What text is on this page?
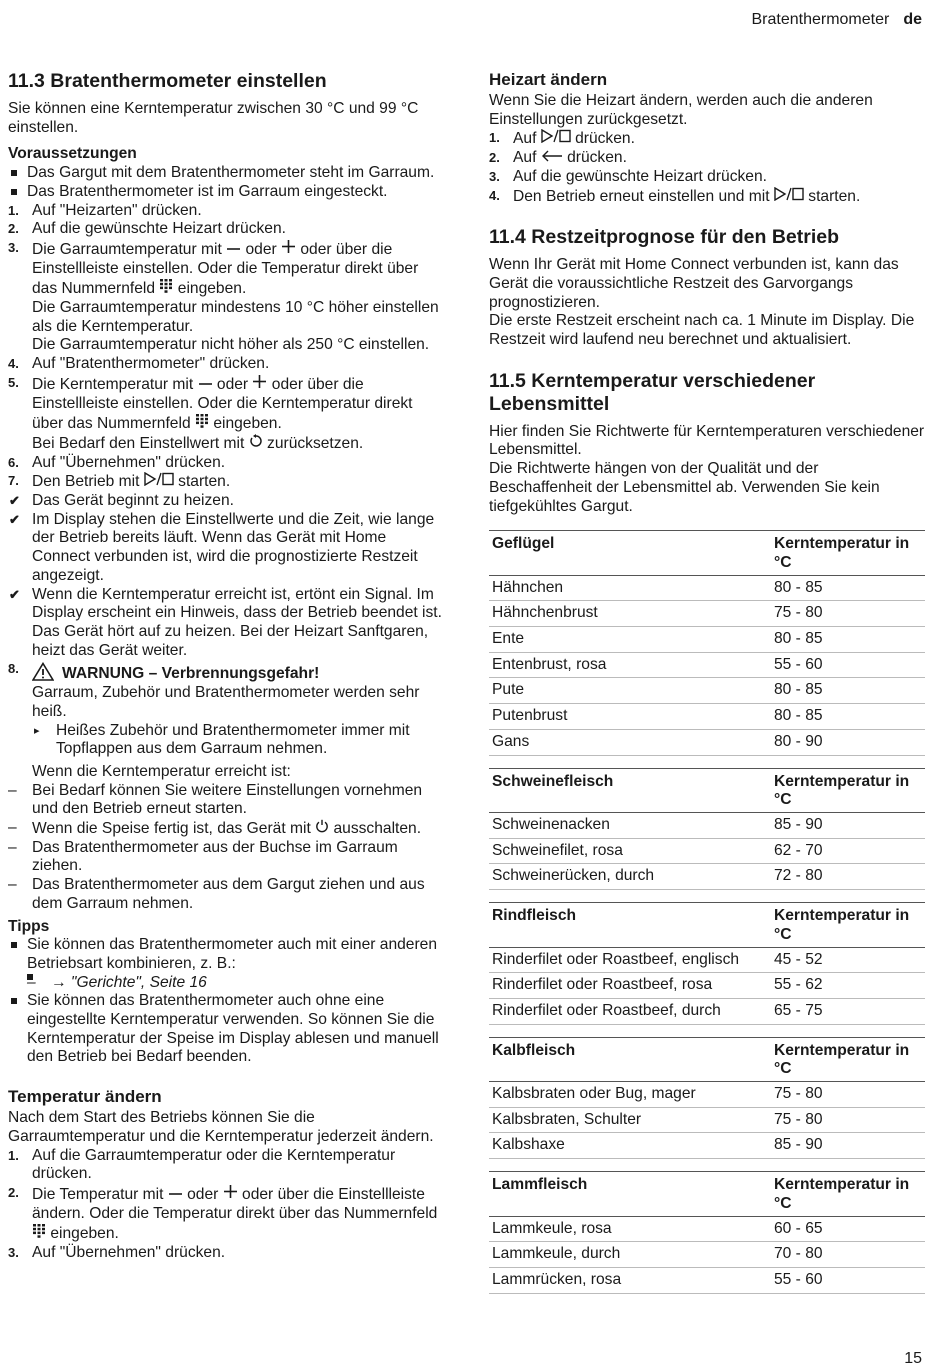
Bratenthermometer de
11.3 Bratenthermometer einstellen

Sie können eine Kerntemperatur zwischen 30 °C und 99 °C einstellen.

Voraussetzungen
Das Gargut mit dem Bratenthermometer steht im Garraum.
Das Bratenthermometer ist im Garraum eingesteckt.
1. Auf "Heizarten" drücken.
2. Auf die gewünschte Heizart drücken.
3. Die Garraumtemperatur mit oder oder über die Einstellleiste einstellen. Oder die Temperatur direkt über das Nummernfeld eingeben.
Die Garraumtemperatur mindestens 10 °C höher einstellen als die Kerntemperatur.
Die Garraumtemperatur nicht höher als 250 °C einstellen.
4. Auf "Bratenthermometer" drücken.
5. Die Kerntemperatur mit oder oder über die Einstellleiste einstellen. Oder die Kerntemperatur direkt über das Nummernfeld eingeben.
Bei Bedarf den Einstellwert mit zurücksetzen.
6. Auf "Übernehmen" drücken.
7. Den Betrieb mit starten.
✔ Das Gerät beginnt zu heizen.
✔ Im Display stehen die Einstellwerte und die Zeit, wie lange der Betrieb bereits läuft. Wenn das Gerät mit Home Connect verbunden ist, wird die prognostizierte Restzeit angezeigt.
✔ Wenn die Kerntemperatur erreicht ist, ertönt ein Signal. Im Display erscheint ein Hinweis, dass der Betrieb beendet ist. Das Gerät hört auf zu heizen. Bei der Heizart Sanftgaren, heizt das Gerät weiter.
8.	WARNUNG – Verbrennungsgefahr!
Garraum, Zubehör und Bratenthermometer werden sehr heiß.
▸ Heißes Zubehör und Bratenthermometer immer mit Topflappen aus dem Garraum nehmen.
Wenn die Kerntemperatur erreicht ist:
– Bei Bedarf können Sie weitere Einstellungen vornehmen und den Betrieb erneut starten.
– Wenn die Speise fertig ist, das Gerät mit ausschalten.
– Das Bratenthermometer aus der Buchse im Garraum ziehen.
– Das Bratenthermometer aus dem Gargut ziehen und aus dem Garraum nehmen.
Tipps
Sie können das Bratenthermometer auch mit einer anderen Betriebsart kombinieren, z. B.:
– → "Gerichte", Seite 16
Sie können das Bratenthermometer auch ohne eine eingestellte Kerntemperatur verwenden. So können Sie die Kerntemperatur der Speise im Display ablesen und manuell den Betrieb bei Bedarf beenden.
Temperatur ändern

Nach dem Start des Betriebs können Sie die Garraumtemperatur und die Kerntemperatur jederzeit ändern.

1. Auf die Garraumtemperatur oder die Kerntemperatur drücken.
2. Die Temperatur mit oder oder über die Einstellleiste ändern. Oder die Temperatur direkt über das Nummernfeld  eingeben.
3. Auf "Übernehmen" drücken.
Heizart ändern

Wenn Sie die Heizart ändern, werden auch die anderen Einstellungen zurückgesetzt.

1. Auf drücken.
2. Auf drücken.
3. Auf die gewünschte Heizart drücken.
4. Den Betrieb erneut einstellen und mit starten.
11.4 Restzeitprognose für den Betrieb

Wenn Ihr Gerät mit Home Connect verbunden ist, kann das Gerät die voraussichtliche Restzeit des Garvorgangs prognostizieren.

Die erste Restzeit erscheint nach ca. 1 Minute im Display. Die Restzeit wird laufend neu berechnet und aktualisiert.

11.5 Kerntemperatur verschiedener Lebensmittel

Hier finden Sie Richtwerte für Kerntemperaturen verschiedener Lebensmittel.

Die Richtwerte hängen von der Qualität und der Beschaffenheit der Lebensmittel ab. Verwenden Sie kein tiefgekühltes Gargut.

Geflügel	Kerntemperatur in °C
Hähnchen	80 - 85
Hähnchenbrust	75 - 80
Ente	80 - 85
Entenbrust, rosa	55 - 60
Pute	80 - 85
Putenbrust	80 - 85
Gans	80 - 90
Schweinefleisch	Kerntemperatur in °C
Schweinenacken	85 - 90
Schweinefilet, rosa	62 - 70
Schweinerücken, durch	72 - 80
Rindfleisch	Kerntemperatur in °C
Rinderfilet oder Roastbeef, englisch	45 - 52
Rinderfilet oder Roastbeef, rosa	55 - 62
Rinderfilet oder Roastbeef, durch	65 - 75
Kalbfleisch	Kerntemperatur in °C
Kalbsbraten oder Bug, mager	75 - 80
Kalbsbraten, Schulter	75 - 80
Kalbshaxe	85 - 90
Lammfleisch	Kerntemperatur in °C
Lammkeule, rosa	60 - 65
Lammkeule, durch	70 - 80
Lammrücken, rosa	55 - 60
15
